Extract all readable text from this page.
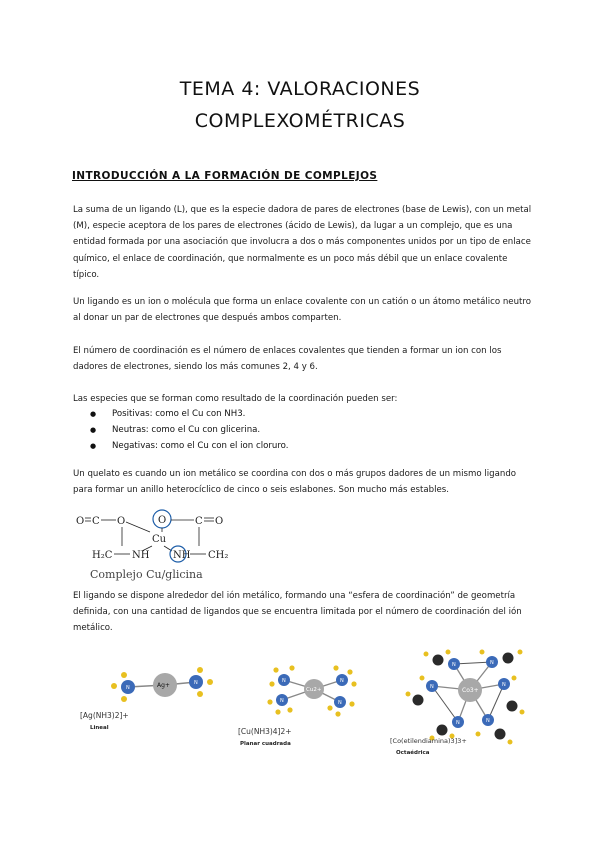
TEMA 4: VALORACIONES
COMPLEXOMÉTRICAS
INTRODUCCIÓN A LA FORMACIÓN DE COMPLEJOS
La suma de un ligando (L), que es la especie dadora de pares de electrones (base de Lewis), con un metal (M), especie aceptora de los pares de electrones (ácido de Lewis), da lugar a un complejo, que es una entidad formada por una asociación que involucra a dos o más componentes unidos por un tipo de enlace químico, el enlace de coordinación, que normalmente es un poco más débil que un enlace covalente típico.
Un ligando es un ion o molécula que forma un enlace covalente con un catión o un átomo metálico neutro al donar un par de electrones que después ambos comparten.
El número de coordinación es el número de enlaces covalentes que tienden a formar un ion con los dadores de electrones, siendo los más comunes 2, 4 y 6.
Las especies que se forman como resultado de la coordinación pueden ser:
● Positivas: como el Cu con NH3.
● Neutras: como el Cu con glicerina.
● Negativas: como el Cu con el ion cloruro.
Un quelato es cuando un ion metálico se coordina con dos o más grupos dadores de un mismo ligando para formar un anillo heterocíclico de cinco o seis eslabones. Son mucho más estables.
O C O	O	C O
Cu
H₂C NH NH CH₂
Complejo Cu/glicina
El ligando se dispone alrededor del ión metálico, formando una “esfera de coordinación” de geometría definida, con una cantidad de ligandos que se encuentra limitada por el número de coordinación del ión metálico.
Ag+
N
N
[Ag(NH3)2]+
Lineal
Cu2+
N
N
N
N
[Cu(NH3)4]2+
Planar cuadrada
Co3+
N	N
N	N
N	N
[Co(etilendiamina)3]3+
Octaédrica
